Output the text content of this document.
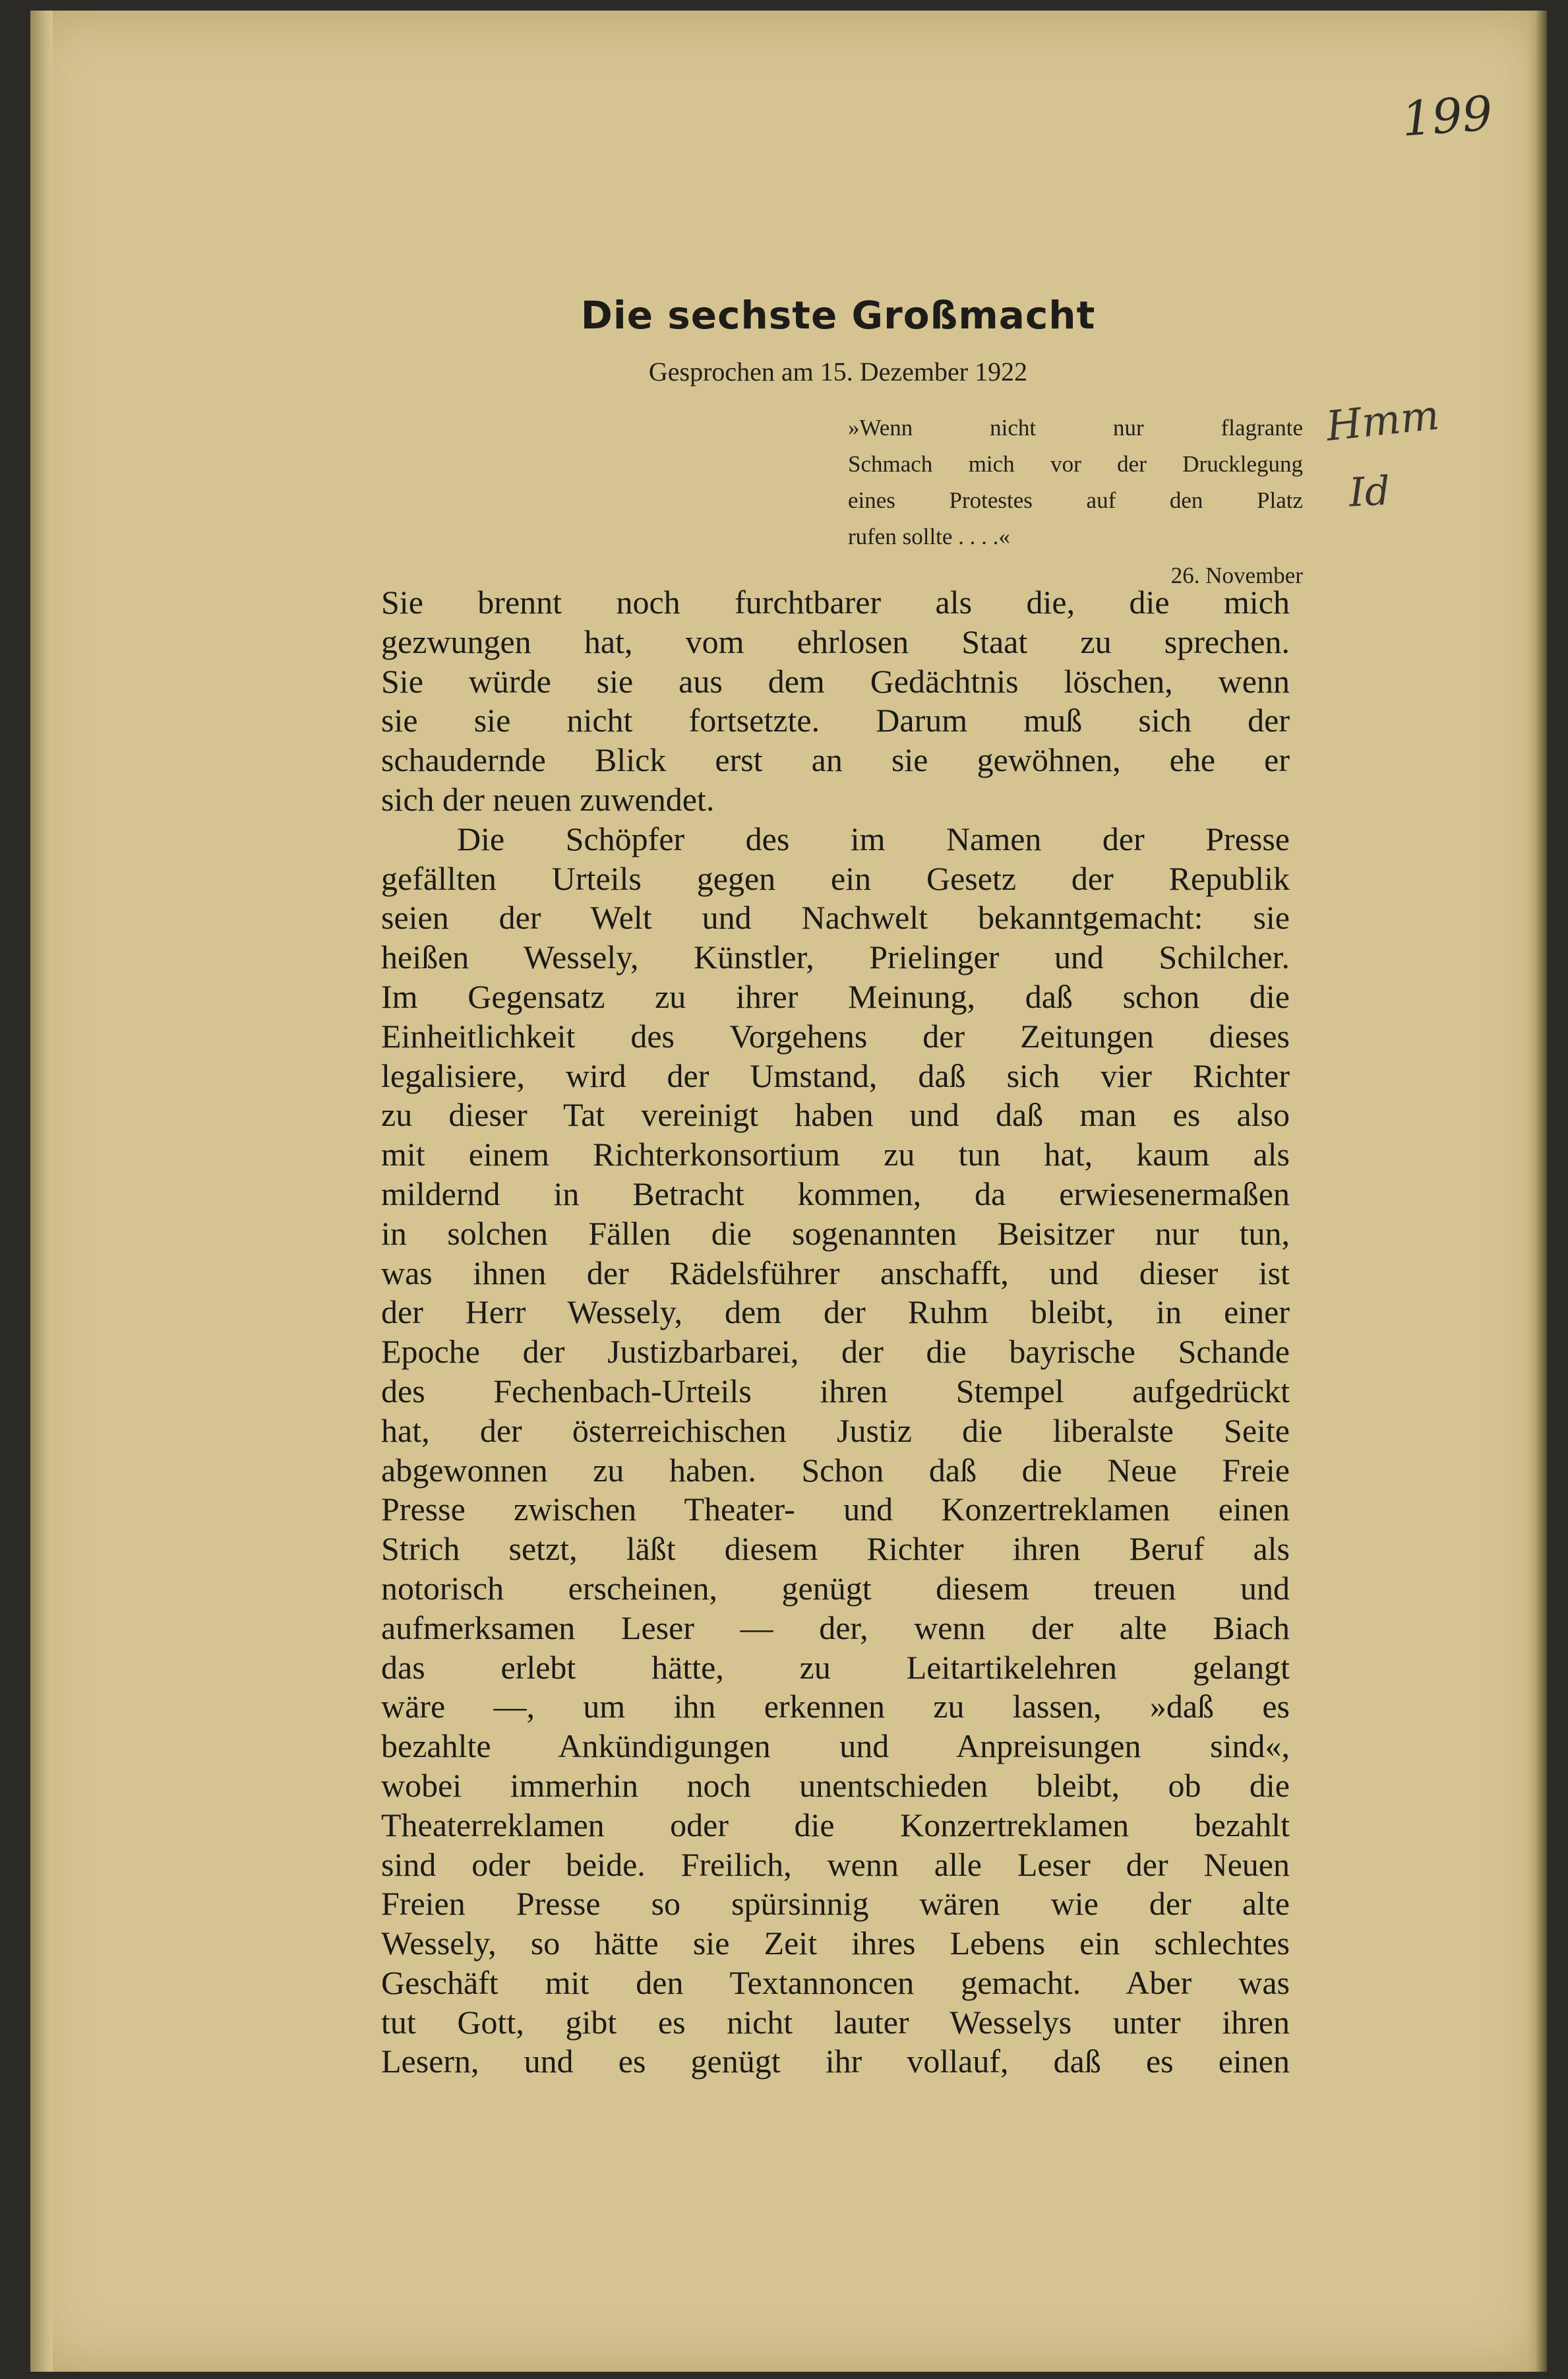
199
Die sechste Großmacht
Gesprochen am 15. Dezember 1922
»Wenn nicht nur flagrante
Schmach mich vor der Drucklegung
eines Protestes auf den Platz
rufen sollte . . . .«
26. November
Hmm
Id
Sie brennt noch furchtbarer als die, die mich
gezwungen hat, vom ehrlosen Staat zu sprechen.
Sie würde sie aus dem Gedächtnis löschen, wenn
sie sie nicht fortsetzte. Darum muß sich der
schaudernde Blick erst an sie gewöhnen, ehe er
sich der neuen zuwendet.
Die Schöpfer des im Namen der Presse
gefällten Urteils gegen ein Gesetz der Republik
seien der Welt und Nachwelt bekanntgemacht: sie
heißen Wessely, Künstler, Prielinger und Schilcher.
Im Gegensatz zu ihrer Meinung, daß schon die
Einheitlichkeit des Vorgehens der Zeitungen dieses
legalisiere, wird der Umstand, daß sich vier Richter
zu dieser Tat vereinigt haben und daß man es also
mit einem Richterkonsortium zu tun hat, kaum als
mildernd in Betracht kommen, da erwiesenermaßen
in solchen Fällen die sogenannten Beisitzer nur tun,
was ihnen der Rädelsführer anschafft, und dieser ist
der Herr Wessely, dem der Ruhm bleibt, in einer
Epoche der Justizbarbarei, der die bayrische Schande
des Fechenbach-Urteils ihren Stempel aufgedrückt
hat, der österreichischen Justiz die liberalste Seite
abgewonnen zu haben. Schon daß die Neue Freie
Presse zwischen Theater- und Konzertreklamen einen
Strich setzt, läßt diesem Richter ihren Beruf als
notorisch erscheinen, genügt diesem treuen und
aufmerksamen Leser — der, wenn der alte Biach
das erlebt hätte, zu Leitartikelehren gelangt
wäre —, um ihn erkennen zu lassen, »daß es
bezahlte Ankündigungen und Anpreisungen sind«,
wobei immerhin noch unentschieden bleibt, ob die
Theaterreklamen oder die Konzertreklamen bezahlt
sind oder beide. Freilich, wenn alle Leser der Neuen
Freien Presse so spürsinnig wären wie der alte
Wessely, so hätte sie Zeit ihres Lebens ein schlechtes
Geschäft mit den Textannoncen gemacht. Aber was
tut Gott, gibt es nicht lauter Wesselys unter ihren
Lesern, und es genügt ihr vollauf, daß es einen
